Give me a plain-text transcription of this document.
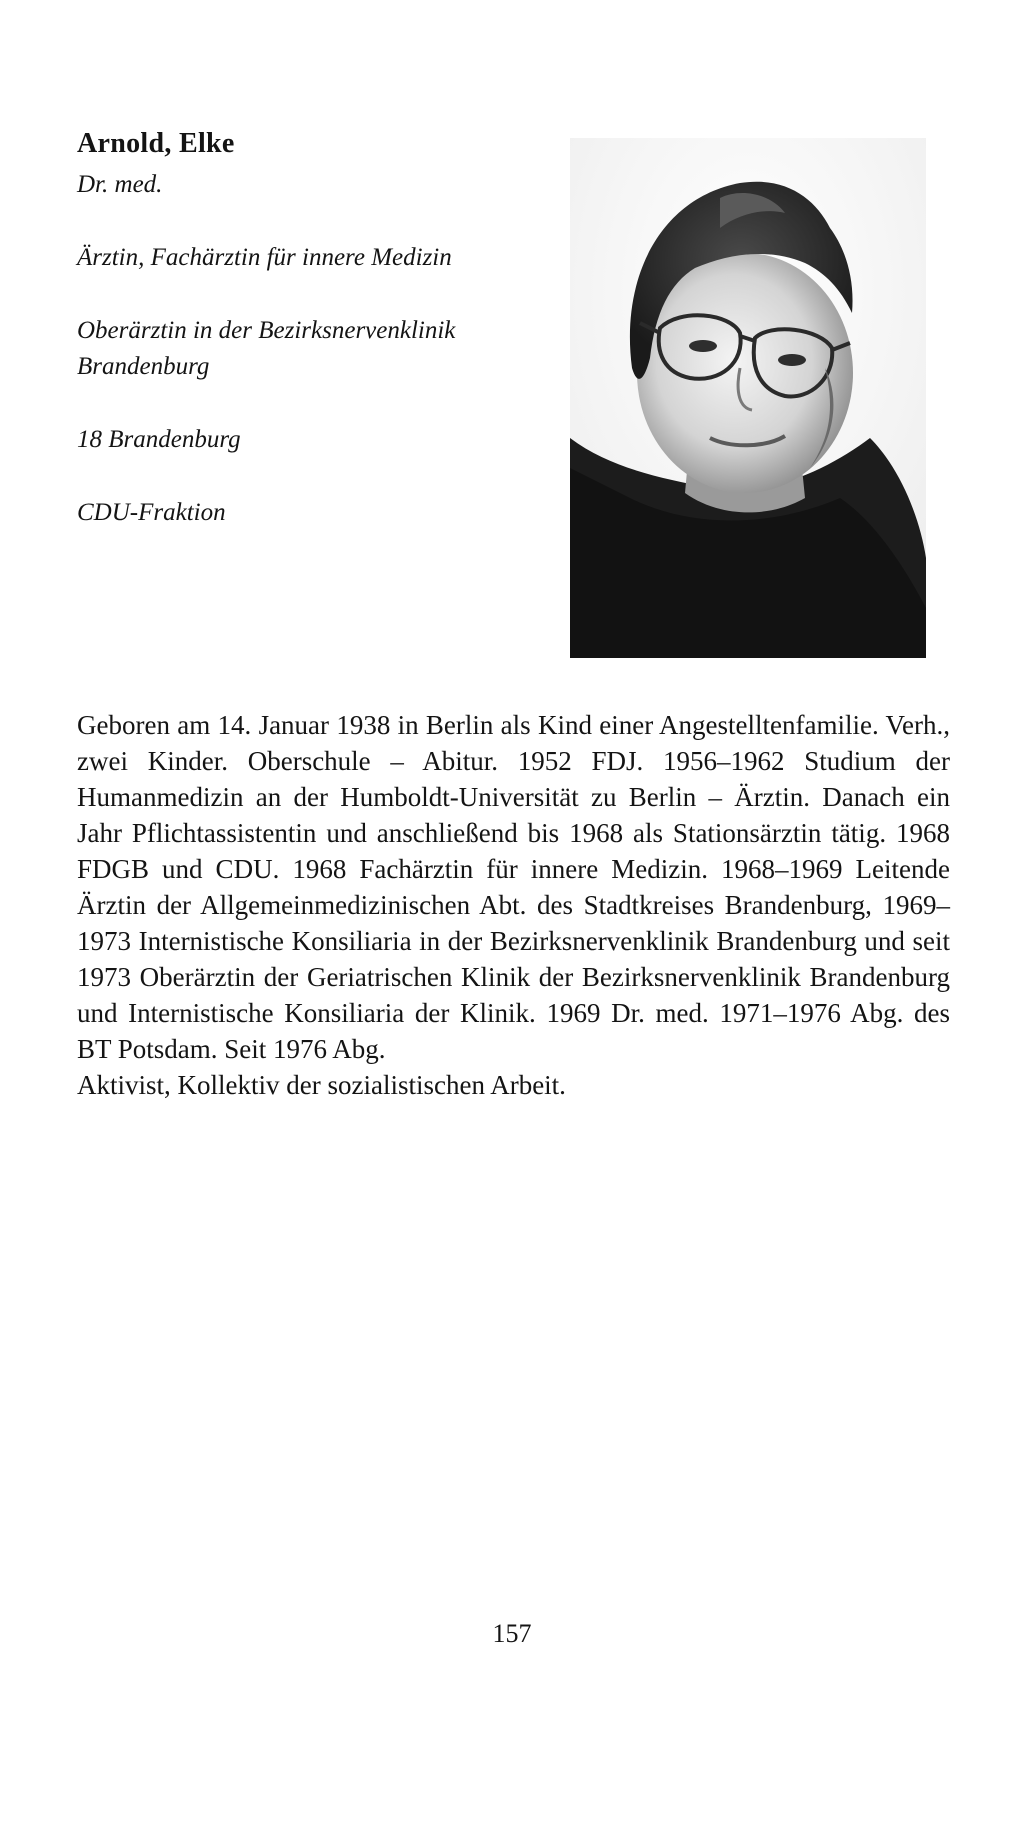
Arnold, Elke

Dr. med.

Ärztin, Fachärztin für innere Medizin

Oberärztin in der Bezirksnervenklinik Brandenburg

18 Brandenburg

CDU-Fraktion

Geboren am 14. Januar 1938 in Berlin als Kind einer Angestelltenfamilie. Verh., zwei Kinder. Oberschule – Abitur. 1952 FDJ. 1956–1962 Studium der Humanmedizin an der Humboldt-Universität zu Berlin – Ärztin. Danach ein Jahr Pflichtassistentin und anschließend bis 1968 als Stationsärztin tätig. 1968 FDGB und CDU. 1968 Fachärztin für innere Medizin. 1968–1969 Leitende Ärztin der Allgemeinmedizinischen Abt. des Stadtkreises Brandenburg, 1969–1973 Internistische Konsiliaria in der Bezirksnervenklinik Brandenburg und seit 1973 Oberärztin der Geriatrischen Klinik der Bezirksnervenklinik Brandenburg und Internistische Konsiliaria der Klinik. 1969 Dr. med. 1971–1976 Abg. des BT Potsdam. Seit 1976 Abg.

Aktivist, Kollektiv der sozialistischen Arbeit.

157
